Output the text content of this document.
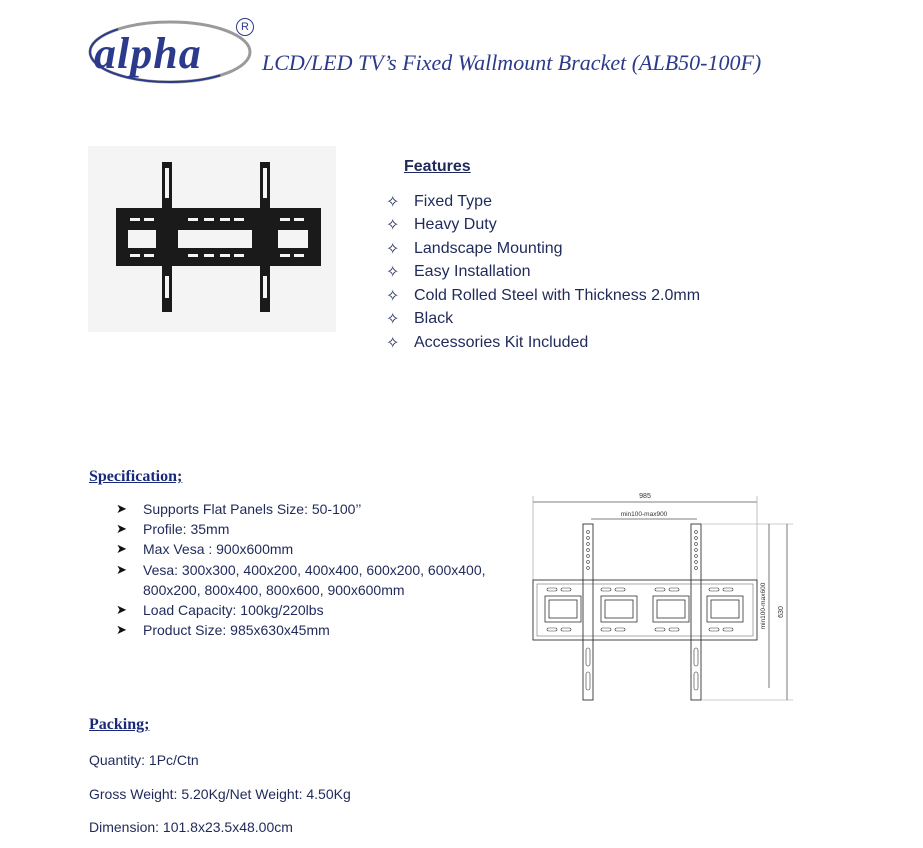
alpha
R
LCD/LED TV’s Fixed Wallmount Bracket (ALB50-100F)
Features
✧ Fixed Type
✧ Heavy Duty
✧ Landscape Mounting
✧ Easy Installation
✧ Cold Rolled Steel with Thickness 2.0mm
✧ Black
✧ Accessories Kit Included
Specification;
➤ Supports Flat Panels Size: 50-100’’
➤ Profile: 35mm
➤ Max Vesa : 900x600mm
➤ Vesa: 300x300, 400x200, 400x400, 600x200, 600x400, 800x200, 800x400, 800x600, 900x600mm
➤ Load Capacity: 100kg/220lbs
➤ Product Size: 985x630x45mm
985
min100-max900
min100-max600 630
Packing;
Quantity: 1Pc/Ctn
Gross Weight: 5.20Kg/Net Weight: 4.50Kg
Dimension: 101.8x23.5x48.00cm
